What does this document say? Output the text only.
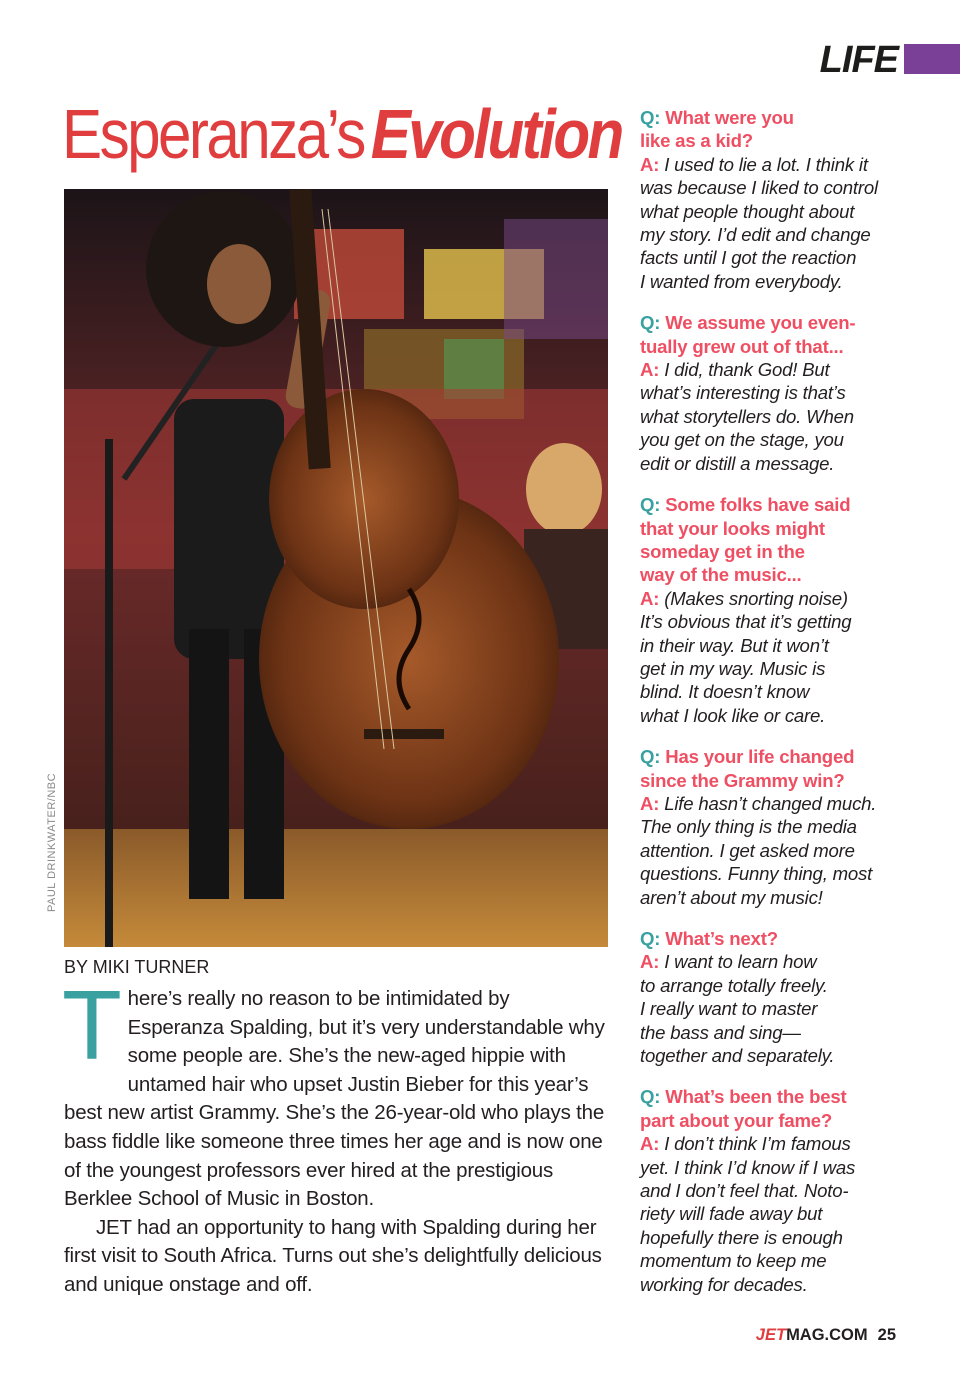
LIFE
Esperanza’sEvolution
PAUL DRINKWATER/NBC
BY MIKI TURNER

There’s really no reason to be intimidated by Esperanza Spalding, but it’s very understandable why some people are. She’s the new-aged hippie with untamed hair who upset Justin Bieber for this year’s best new artist Grammy. She’s the 26-year-old who plays the bass fiddle like someone three times her age and is now one of the youngest professors ever hired at the prestigious Berklee School of Music in Boston.

JET had an opportunity to hang with Spalding during her first visit to South Africa. Turns out she’s delightfully delicious and unique onstage and off.

Q: What were you
like as a kid?
A: I used to lie a lot. I think it
was because I liked to control
what people thought about
my story. I’d edit and change
facts until I got the reaction
I wanted from everybody.
Q: We assume you even-
tually grew out of that...
A: I did, thank God! But
what’s interesting is that’s
what storytellers do. When
you get on the stage, you
edit or distill a message.
Q: Some folks have said
that your looks might
someday get in the
way of the music...
A: (Makes snorting noise)
It’s obvious that it’s getting
in their way. But it won’t
get in my way. Music is
blind. It doesn’t know
what I look like or care.
Q: Has your life changed
since the Grammy win?
A: Life hasn’t changed much.
The only thing is the media
attention. I get asked more
questions. Funny thing, most
aren’t about my music!
Q: What’s next?
A: I want to learn how
to arrange totally freely.
I really want to master
the bass and sing—
together and separately.
Q: What’s been the best
part about your fame?
A: I don’t think I’m famous
yet. I think I’d know if I was
and I don’t feel that. Noto-
riety will fade away but
hopefully there is enough
momentum to keep me
working for decades.
JETMAG.COM 25
